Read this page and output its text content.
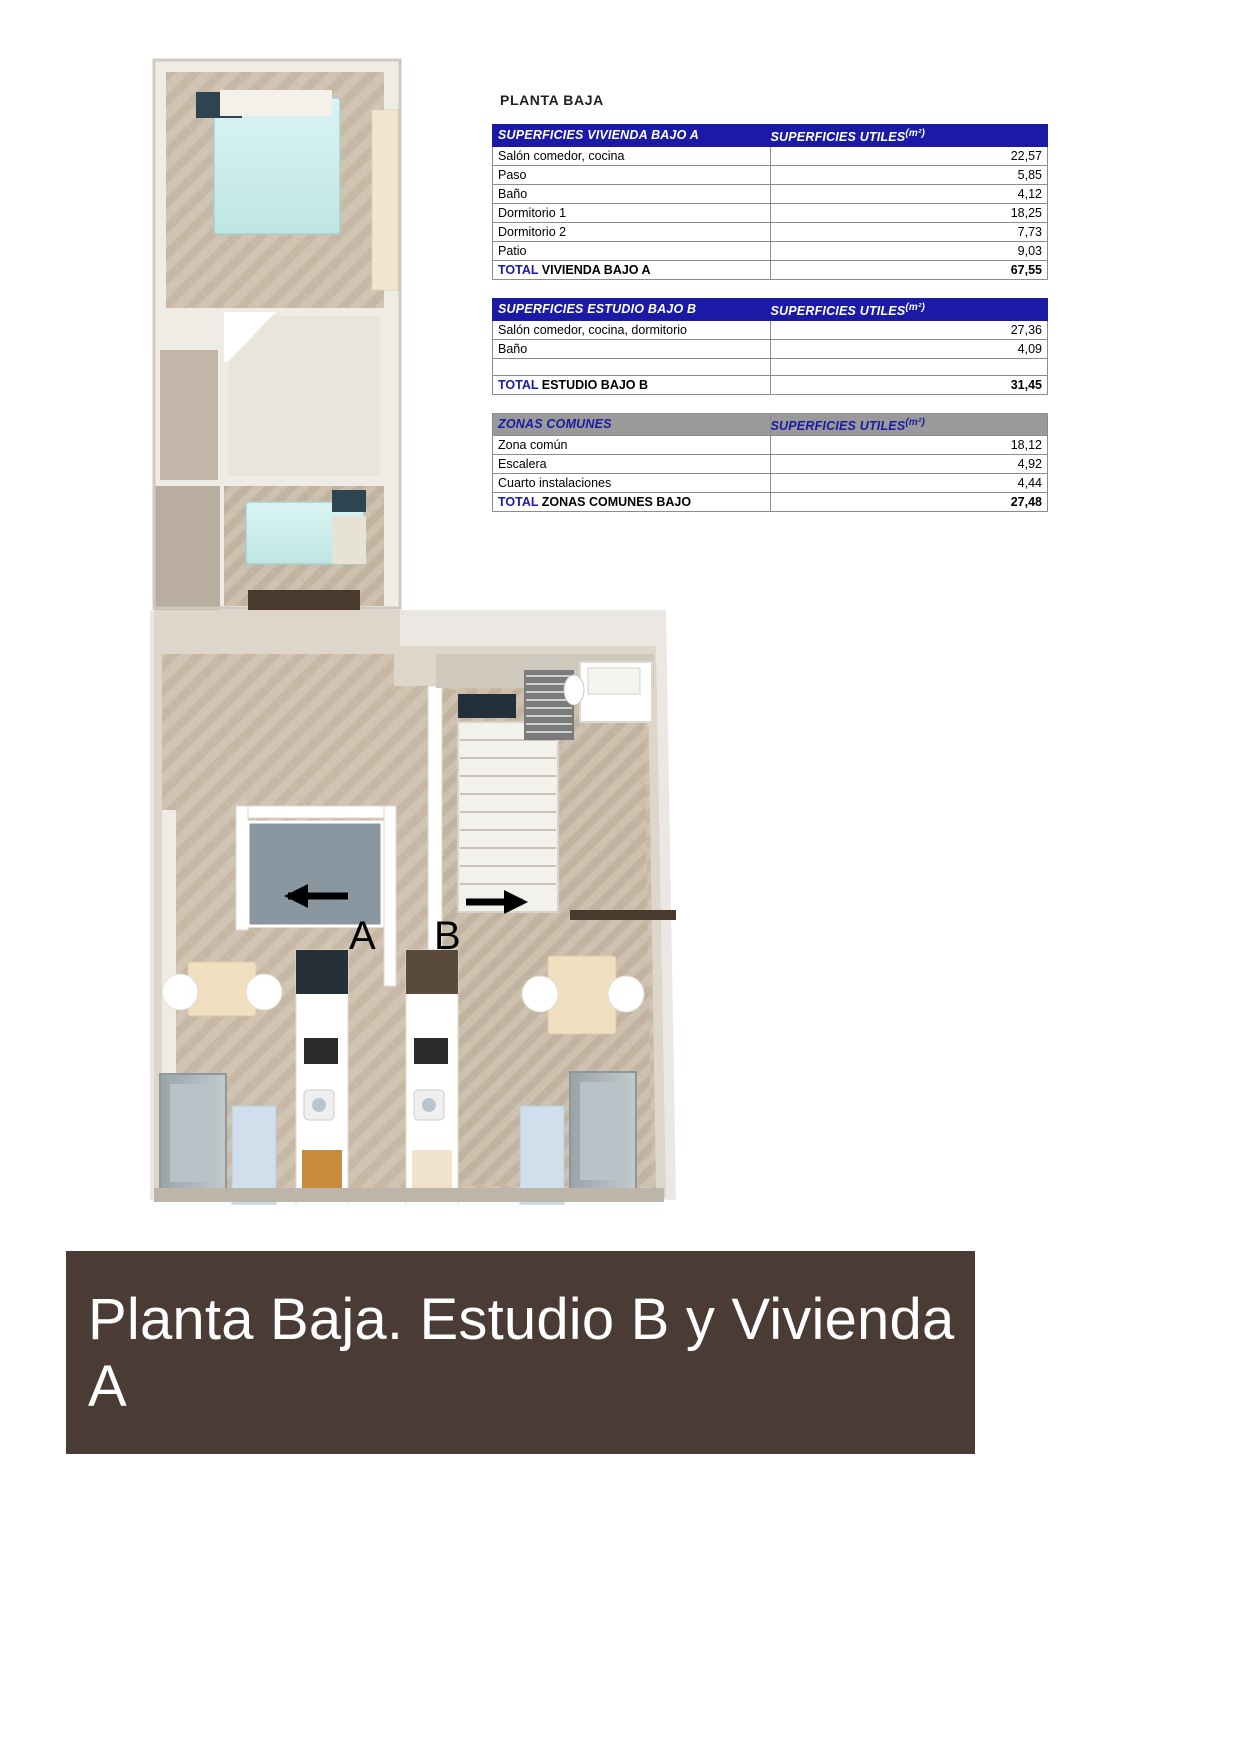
A B
PLANTA BAJA
SUPERFICIES VIVIENDA BAJO A	SUPERFICIES $UTILES^{(m^2)}$
Salón comedor, cocina	22,57
Paso	5,85
Baño	4,12
Dormitorio 1	18,25
Dormitorio 2	7,73
Patio	9,03
TOTAL VIVIENDA BAJO A	67,55
SUPERFICIES ESTUDIO BAJO B	SUPERFICIES $UTILES^{(m^2)}$
Salón comedor, cocina, dormitorio	27,36
Baño	4,09

TOTAL ESTUDIO BAJO B	31,45
ZONAS COMUNES	SUPERFICIES $UTILES^{(m^2)}$
Zona común	18,12
Escalera	4,92
Cuarto instalaciones	4,44
TOTAL ZONAS COMUNES BAJO	27,48
Planta Baja. Estudio B y Vivienda A
